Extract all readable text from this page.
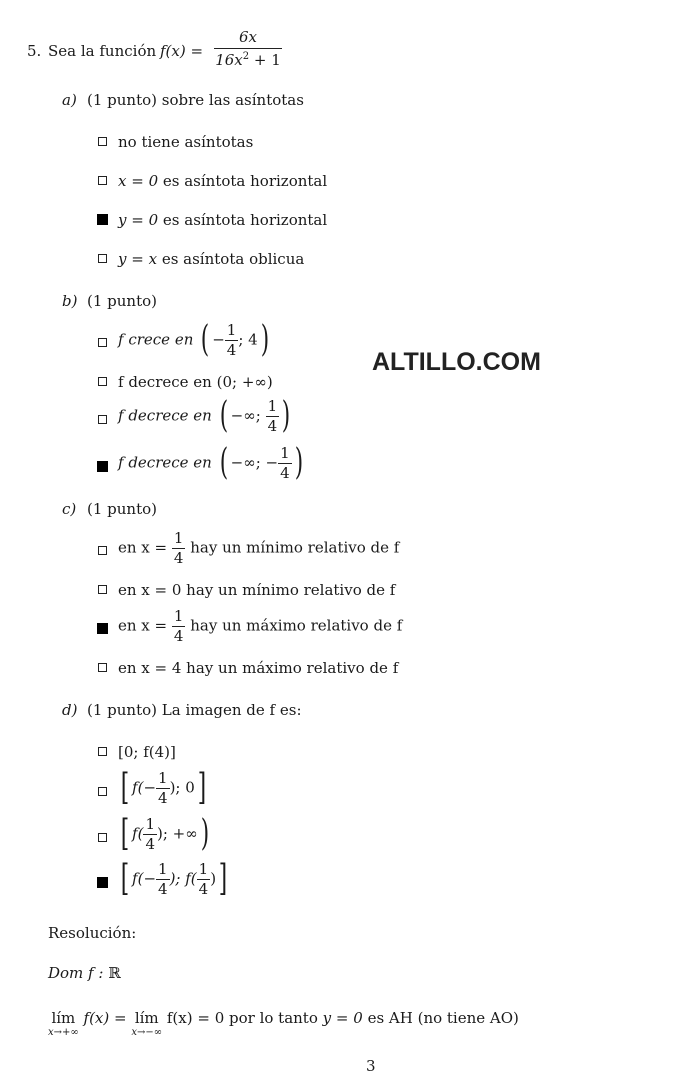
5. Sea la función $f(x) = \frac{6x}{16x^2 + 1}$
a) (1 punto) sobre las asíntotas
no tiene asíntotas
x = 0 es asíntota horizontal
y = 0 es asíntota horizontal
y = x es asíntota oblicua
b) (1 punto)
f crece en ( − $\frac{1}{4}$ ; 4)
f decrece en (0; +∞)
ALTILLO.COM
f decrece en ( −∞; $\frac{1}{4}$ )
f decrece en ( −∞; − $\frac{1}{4}$ )
c) (1 punto)
en $x = \frac{1}{4}$ hay un mínimo relativo de f
en x = 0 hay un mínimo relativo de f
en $x = \frac{1}{4}$ hay un máximo relativo de f
en x = 4 hay un máximo relativo de f
d) (1 punto) La imagen de f es:
[0; f(4)]
[ $f(- \frac{1}{4}$ ); 0]
[ $f( \frac{1}{4}$ ); +∞)
[ $f(- \frac{1}{4}$ ); $f( \frac{1}{4}$ )]
Resolución:
Dom f : ℝ
lím
x→+∞
f(x) = lím
x→−∞
f(x) = 0 por lo tanto y = 0 es AH (no tiene AO)
3
